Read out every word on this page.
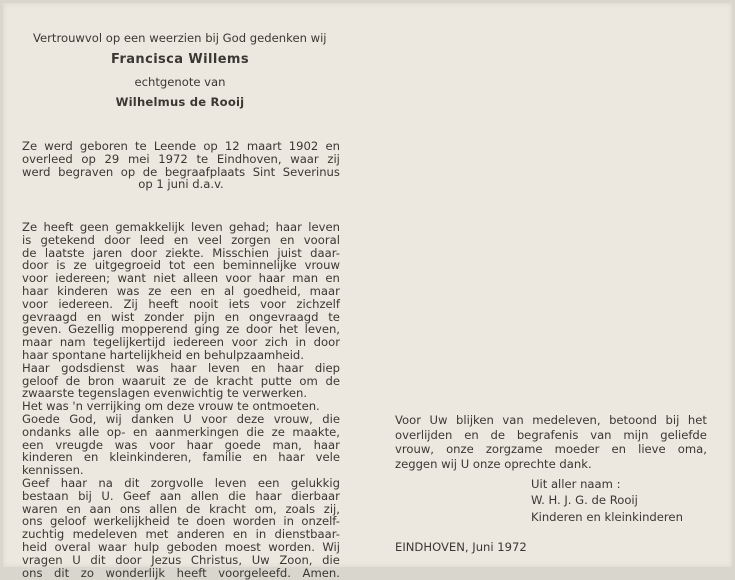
Vertrouwvol op een weerzien bij God gedenken wij
Francisca Willems
echtgenote van
Wilhelmus de Rooij
Ze werd geboren te Leende op 12 maart 1902 en
overleed op 29 mei 1972 te Eindhoven, waar zij
werd begraven op de begraafplaats Sint Severinus
op 1 juni d.a.v.
Ze heeft geen gemakkelijk leven gehad; haar leven
is getekend door leed en veel zorgen en vooral
de laatste jaren door ziekte. Misschien juist daar-
door is ze uitgegroeid tot een beminnelijke vrouw
voor iedereen; want niet alleen voor haar man en
haar kinderen was ze een en al goedheid, maar
voor iedereen. Zij heeft nooit iets voor zichzelf
gevraagd en wist zonder pijn en ongevraagd te
geven. Gezellig mopperend ging ze door het leven,
maar nam tegelijkertijd iedereen voor zich in door
haar spontane hartelijkheid en behulpzaamheid.
Haar godsdienst was haar leven en haar diep
geloof de bron waaruit ze de kracht putte om de
zwaarste tegenslagen evenwichtig te verwerken.
Het was 'n verrijking om deze vrouw te ontmoeten.
Goede God, wij danken U voor deze vrouw, die
ondanks alle op- en aanmerkingen die ze maakte,
een vreugde was voor haar goede man, haar
kinderen en kleinkinderen, familie en haar vele
kennissen.
Geef haar na dit zorgvolle leven een gelukkig
bestaan bij U. Geef aan allen die haar dierbaar
waren en aan ons allen de kracht om, zoals zij,
ons geloof werkelijkheid te doen worden in onzelf-
zuchtig medeleven met anderen en in dienstbaar-
heid overal waar hulp geboden moest worden. Wij
vragen U dit door Jezus Christus, Uw Zoon, die
ons dit zo wonderlijk heeft voorgeleefd. Amen.
Voor Uw blijken van medeleven, betoond bij het
overlijden en de begrafenis van mijn geliefde
vrouw, onze zorgzame moeder en lieve oma,
zeggen wij U onze oprechte dank.
Uit aller naam :
W. H. J. G. de Rooij
Kinderen en kleinkinderen
EINDHOVEN, Juni 1972
